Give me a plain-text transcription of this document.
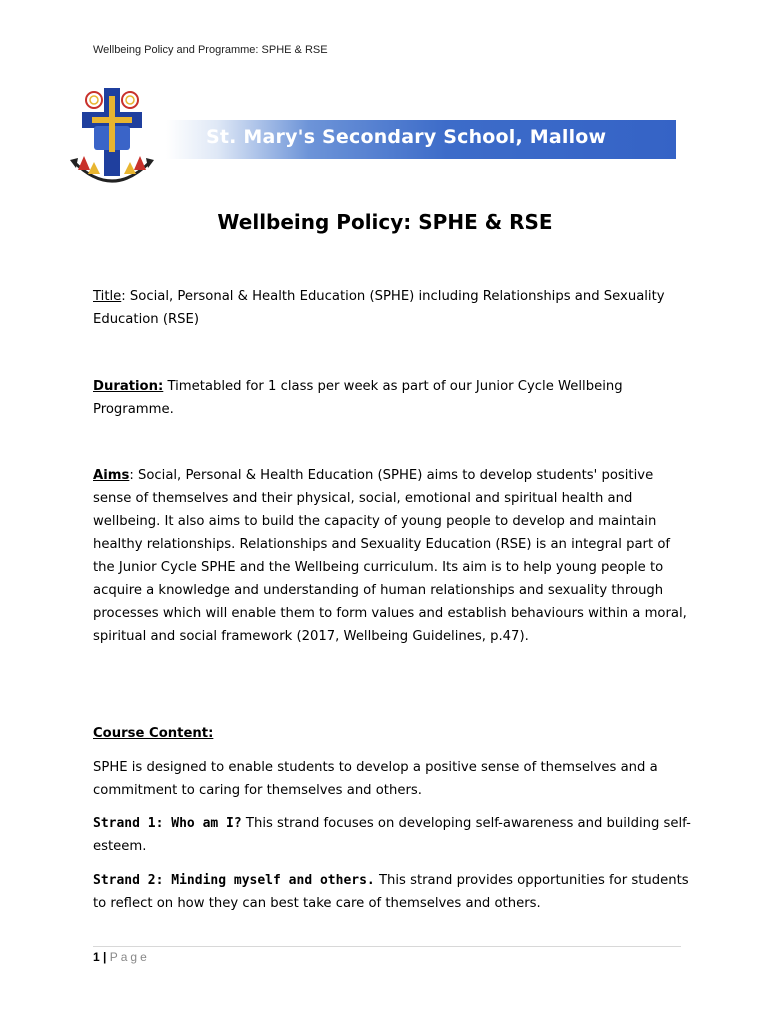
Wellbeing Policy and Programme: SPHE & RSE
St. Mary's Secondary School, Mallow
Wellbeing Policy: SPHE & RSE

Title: Social, Personal & Health Education (SPHE) including Relationships and Sexuality Education (RSE)

Duration: Timetabled for 1 class per week as part of our Junior Cycle Wellbeing Programme.

Aims: Social, Personal & Health Education (SPHE) aims to develop students' positive sense of themselves and their physical, social, emotional and spiritual health and wellbeing. It also aims to build the capacity of young people to develop and maintain healthy relationships. Relationships and Sexuality Education (RSE) is an integral part of the Junior Cycle SPHE and the Wellbeing curriculum. Its aim is to help young people to acquire a knowledge and understanding of human relationships and sexuality through processes which will enable them to form values and establish behaviours within a moral, spiritual and social framework (2017, Wellbeing Guidelines, p.47).

Course Content:

SPHE is designed to enable students to develop a positive sense of themselves and a commitment to caring for themselves and others.

Strand 1: Who am I? This strand focuses on developing self-awareness and building self-esteem.

Strand 2: Minding myself and others. This strand provides opportunities for students to reflect on how they can best take care of themselves and others.

1 | Page
